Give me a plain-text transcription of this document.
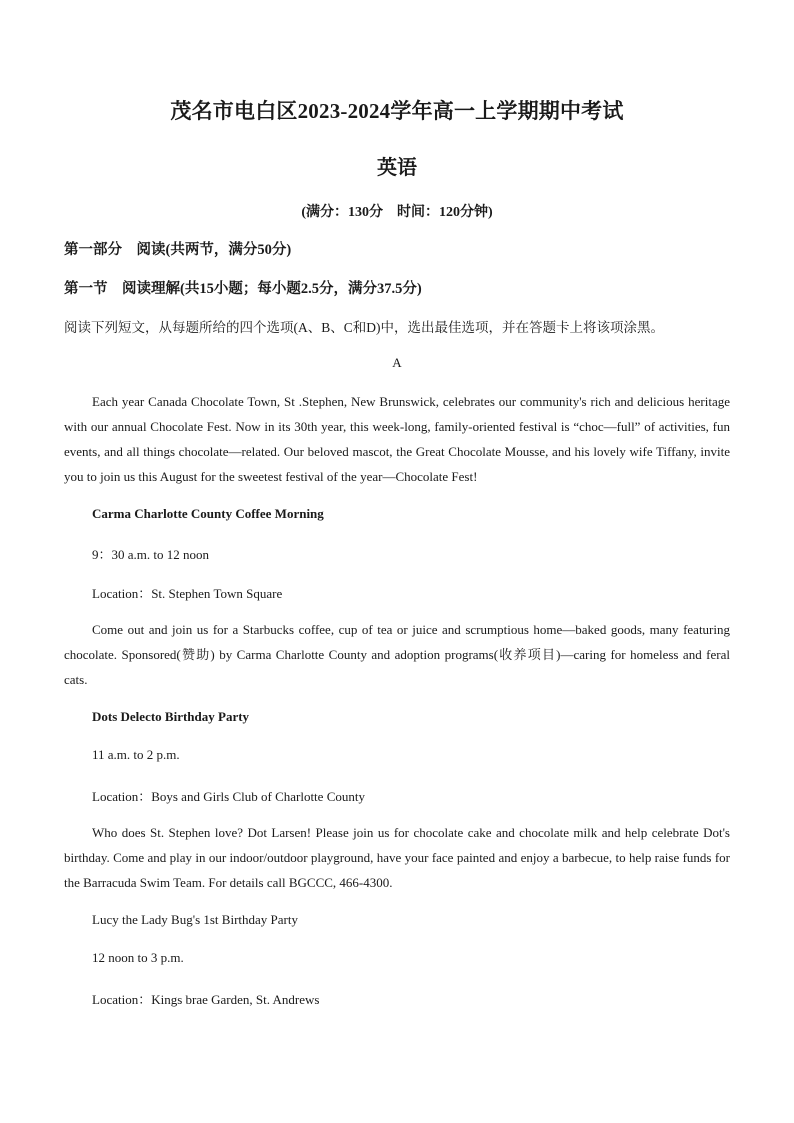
茂名市电白区2023-2024学年高一上学期期中考试
英语
(满分：130分　时间：120分钟)
第一部分　阅读(共两节，满分50分)
第一节　阅读理解(共15小题；每小题2.5分，满分37.5分)
阅读下列短文，从每题所给的四个选项(A、B、C和D)中，选出最佳选项，并在答题卡上将该项涂黑。
A

Each year Canada Chocolate Town, St .Stephen, New Brunswick, celebrates our community's rich and delicious heritage with our annual Chocolate Fest. Now in its 30th year, this week-long, family-oriented festival is “choc—full” of activities, fun events, and all things chocolate—related. Our beloved mascot, the Great Chocolate Mousse, and his lovely wife Tiffany, invite you to join us this August for the sweetest festival of the year—Chocolate Fest!

Carma Charlotte County Coffee Morning
9：30 a.m. to 12 noon
Location：St. Stephen Town Square

Come out and join us for a Starbucks coffee, cup of tea or juice and scrumptious home—baked goods, many featuring chocolate. Sponsored(赞助) by Carma Charlotte County and adoption programs(收养项目)—caring for homeless and feral cats.

Dots Delecto Birthday Party
11 a.m. to 2 p.m.
Location：Boys and Girls Club of Charlotte County

Who does St. Stephen love? Dot Larsen! Please join us for chocolate cake and chocolate milk and help celebrate Dot's birthday. Come and play in our indoor/outdoor playground, have your face painted and enjoy a barbecue, to help raise funds for the Barracuda Swim Team. For details call BGCCC, 466-4300.

Lucy the Lady Bug's 1st Birthday Party
12 noon to 3 p.m.
Location：Kings brae Garden, St. Andrews
